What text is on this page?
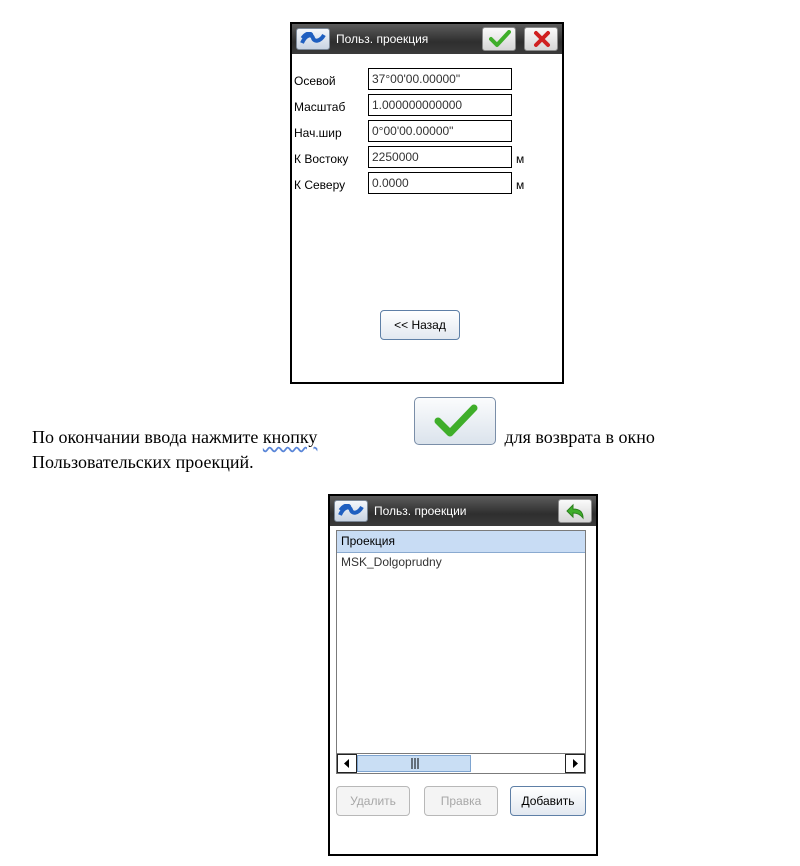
Польз. проекция
Осевой	37°00'00.00000"
Масштаб	1.000000000000
Нач.шир	0°00'00.00000"
К Востоку	2250000	м
К Северу	0.0000	м
<< Назад
По окончании ввода нажмите кнопку	для возврата в окно
Пользовательских проекций.
Польз. проекции
Проекция
MSK_Dolgoprudny
Удалить	Правка	Добавить
